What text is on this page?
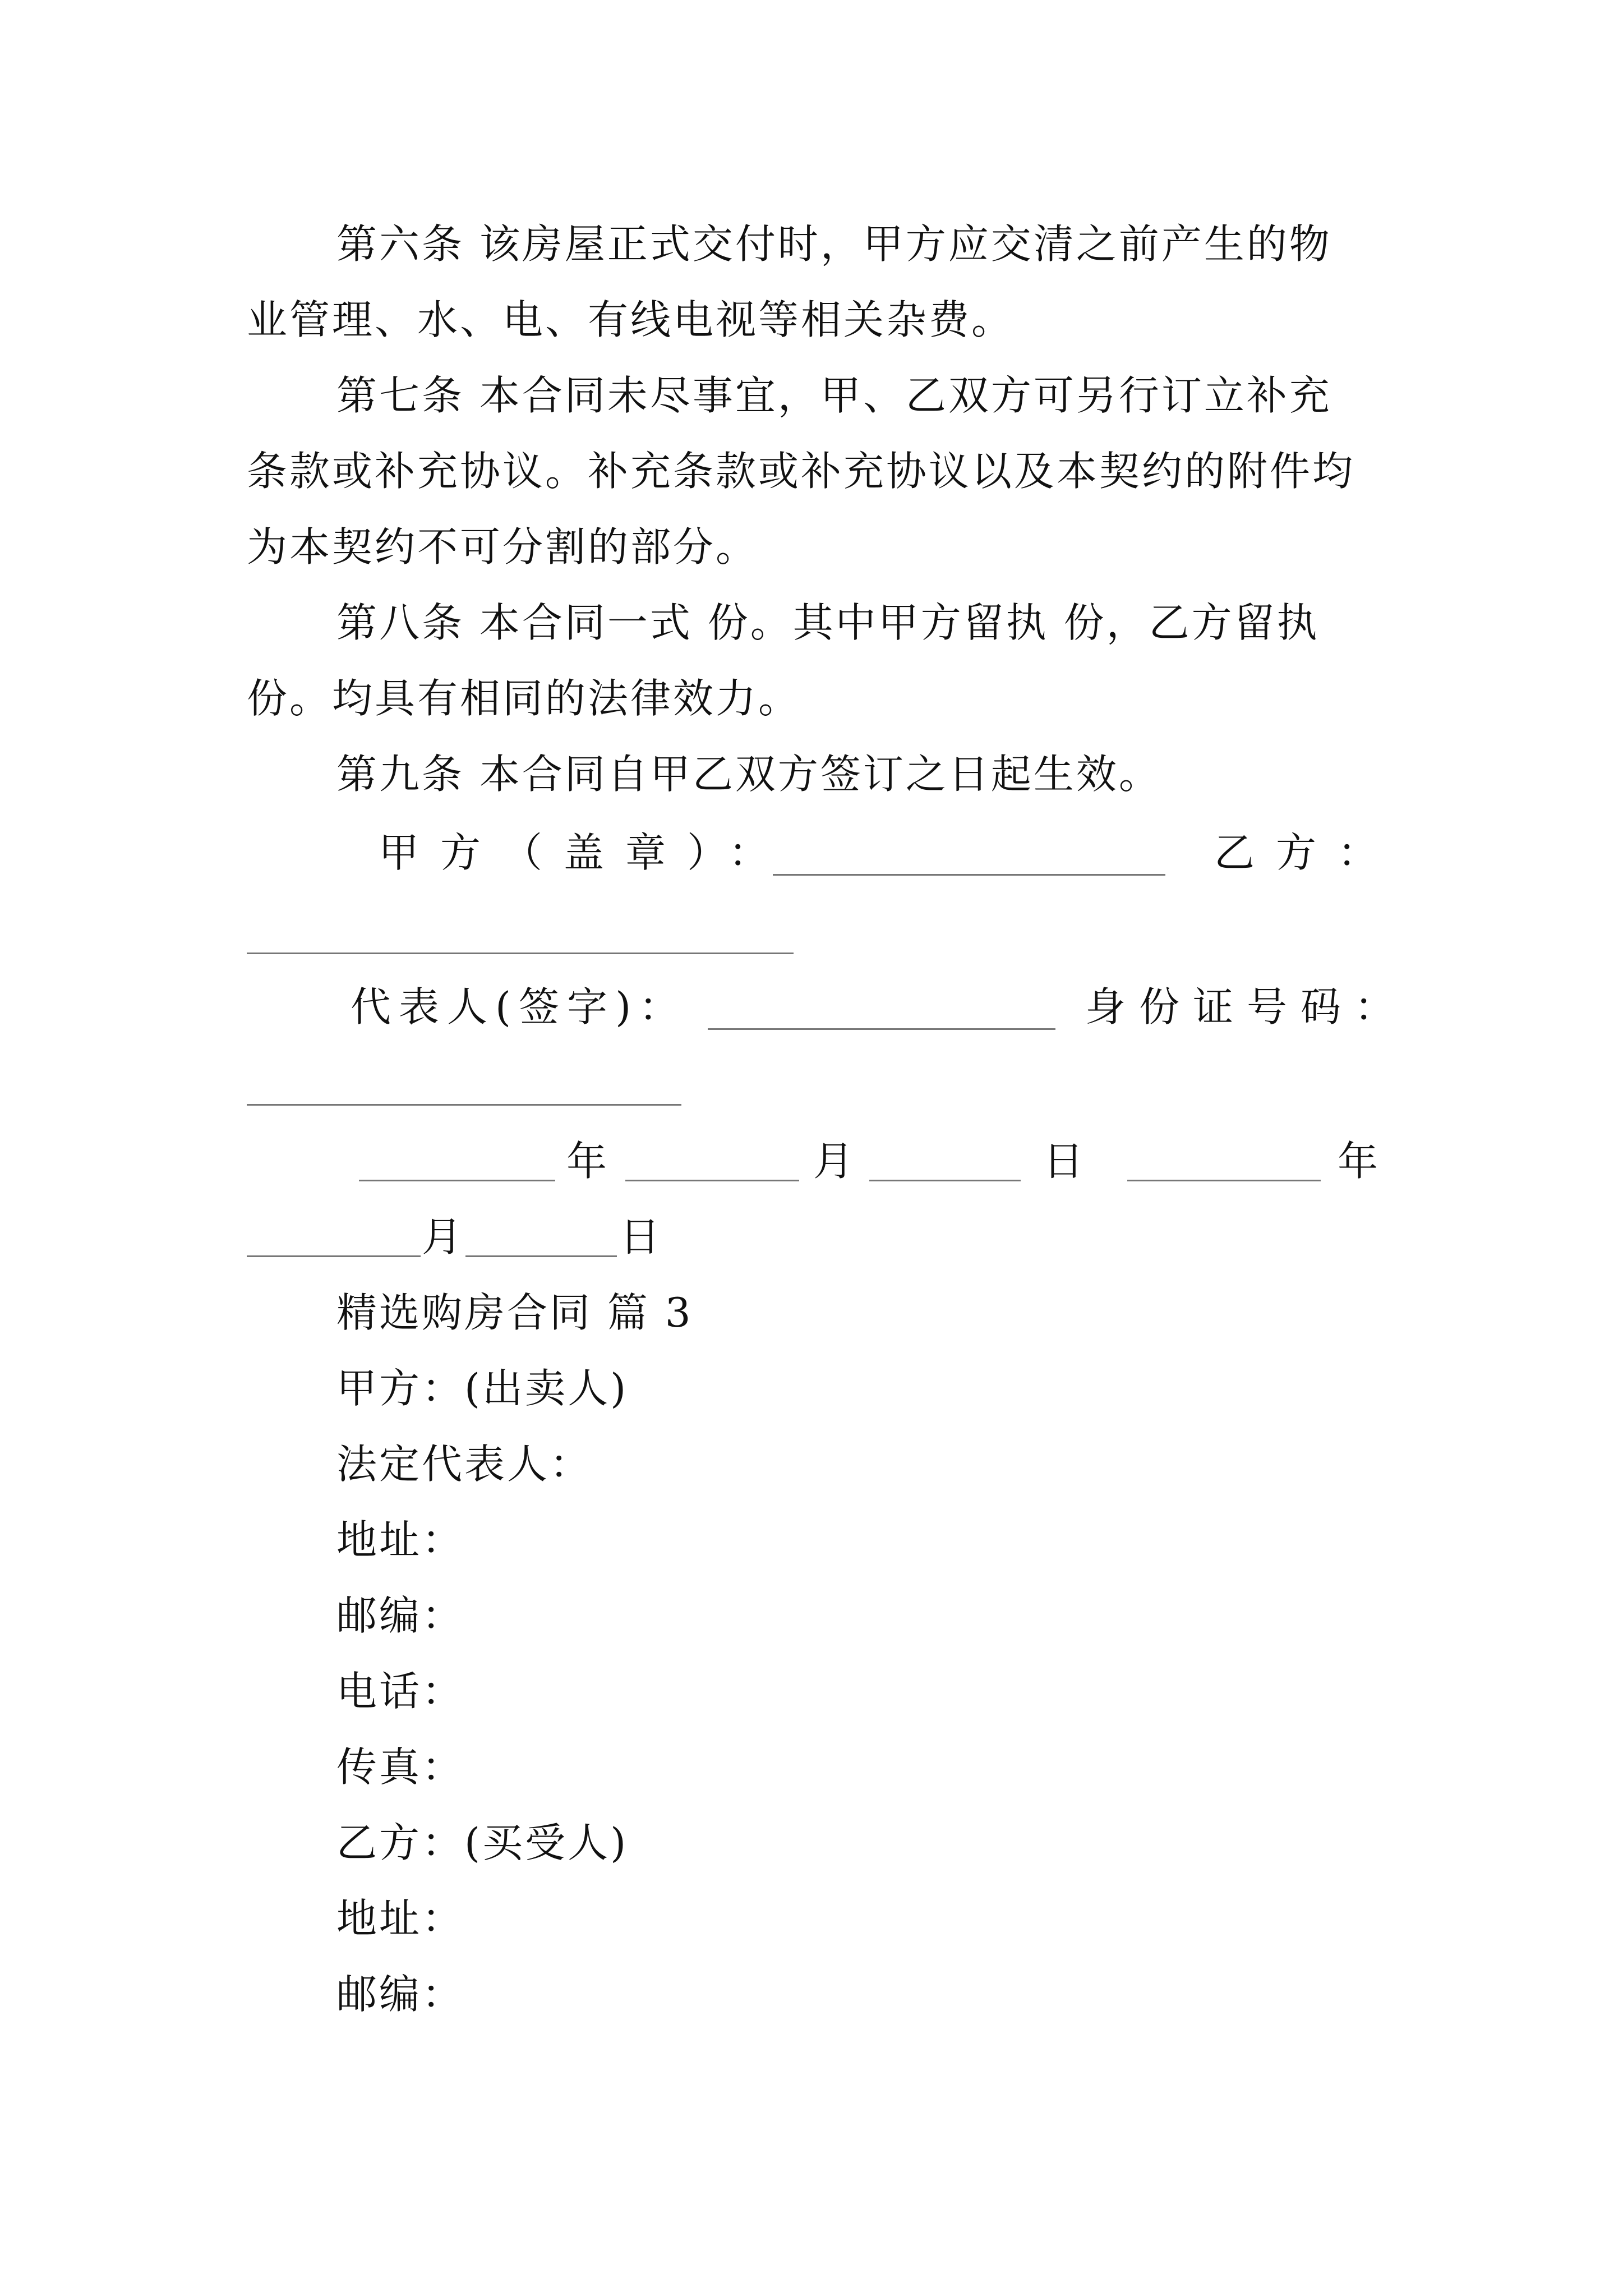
第六条 该房屋正式交付时，甲方应交清之前产生的物
业管理、水、电、有线电视等相关杂费。
第七条 本合同未尽事宜，甲、乙双方可另行订立补充
条款或补充协议。补充条款或补充协议以及本契约的附件均
为本契约不可分割的部分。
第八条 本合同一式 份。其中甲方留执 份，乙方留执
份。均具有相同的法律效力。
第九条 本合同自甲乙双方签订之日起生效。
甲方（盖章）：	乙方：
代表人(签字)：	身份证号码：
年	月	日	年
月	日
精选购房合同 篇 3
甲方：(出卖人)
法定代表人：
地址：
邮编：
电话：
传真：
乙方：(买受人)
地址：
邮编：
